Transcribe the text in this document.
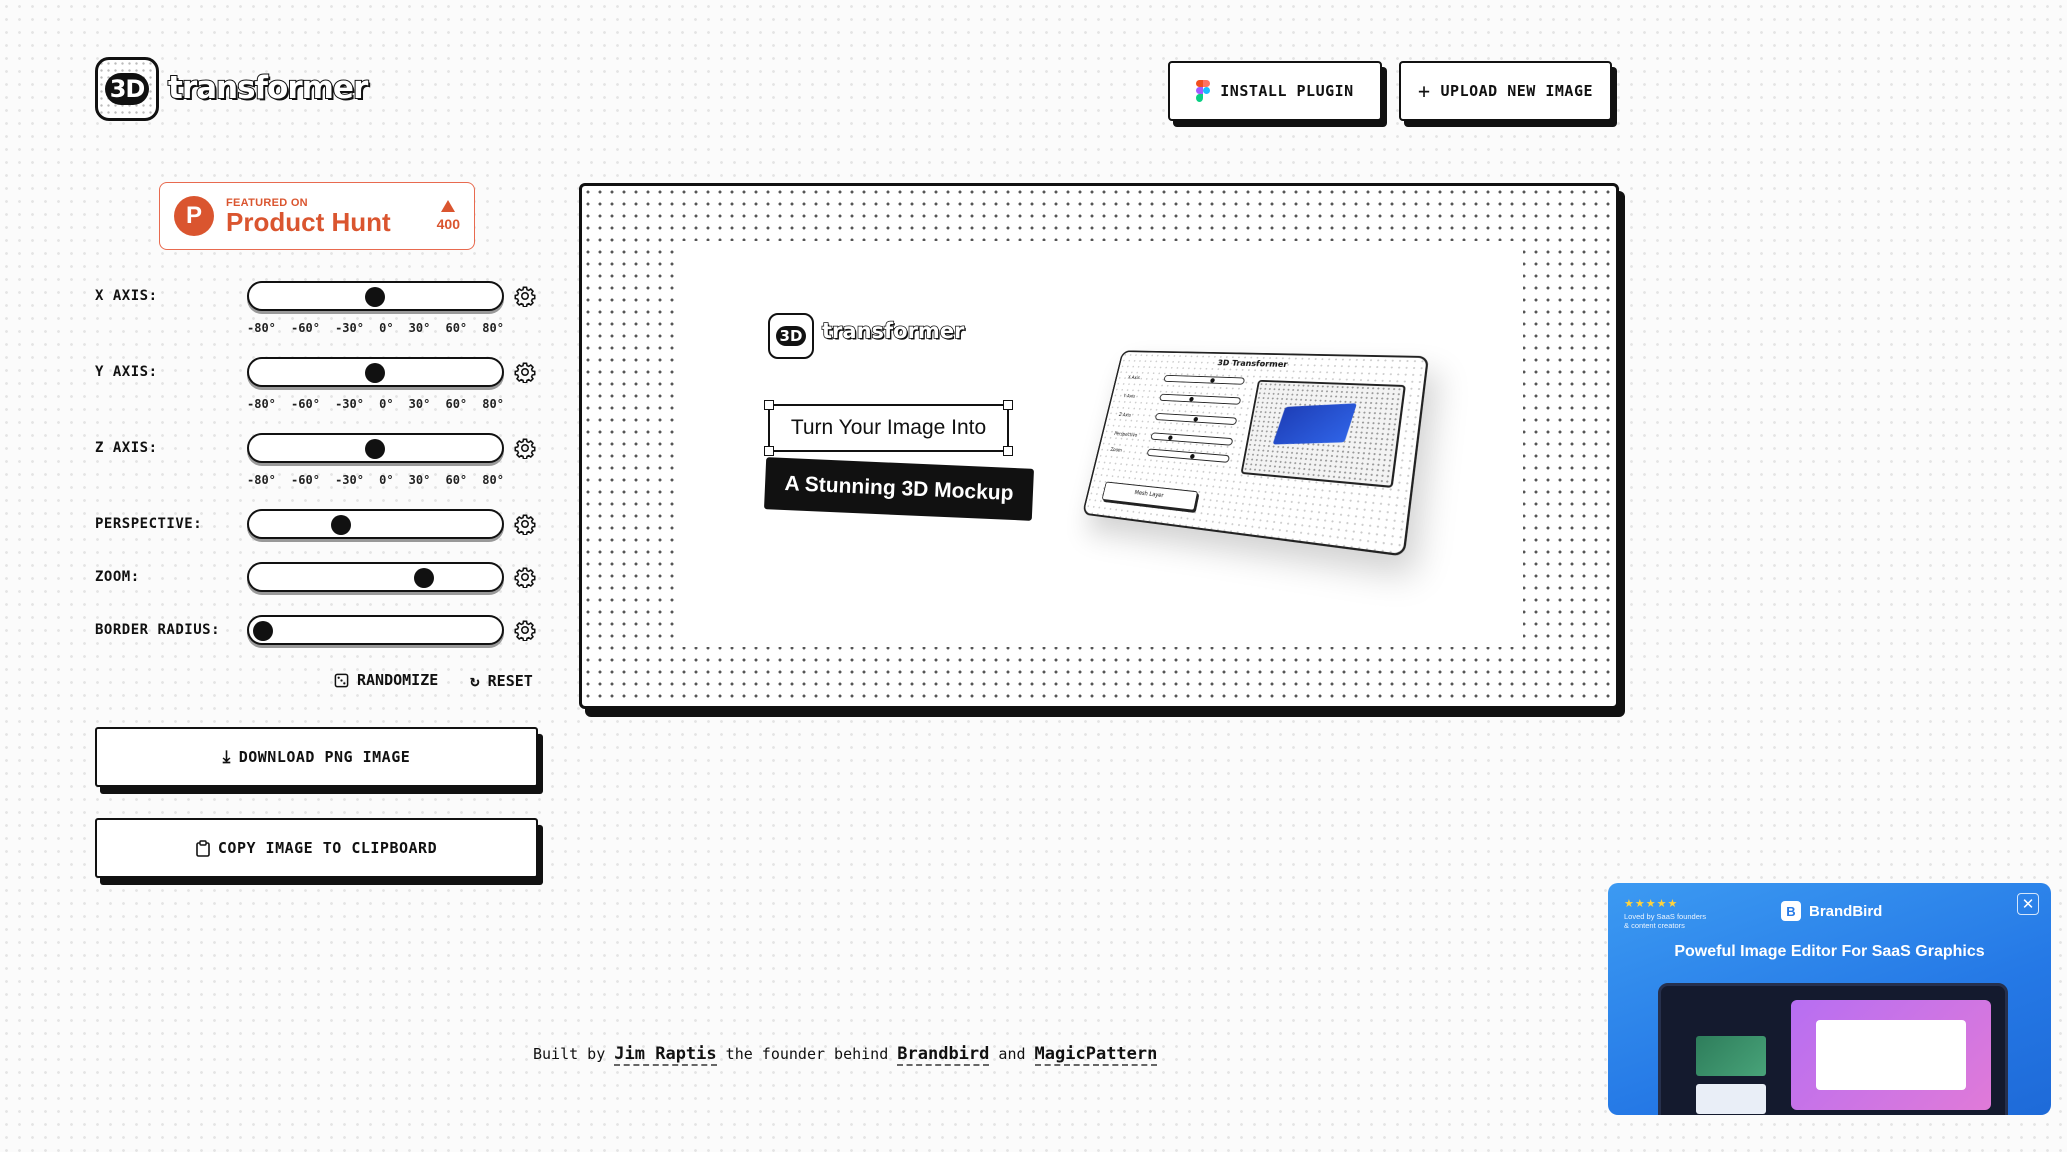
3D transformer	INSTALL PLUGIN	+ UPLOAD NEW IMAGE
P	FEATURED ON
Product Hunt	400
X AXIS:
-80° -60° -30° 0° 30° 60° 80°
Y AXIS:
-80° -60° -30° 0° 30° 60° 80°
Z AXIS:
-80° -60° -30° 0° 30° 60° 80°
PERSPECTIVE:
ZOOM:
BORDER RADIUS:
RANDOMIZE ↻ RESET
⤓ DOWNLOAD PNG IMAGE
COPY IMAGE TO CLIPBOARD
3D transformer
Turn Your Image Into
A Stunning 3D Mockup
3D Transformer
X Axis
Y Axis
Z Axis
Perspective
Zoom
Mesh Layer
Built by Jim Raptis the founder behind Brandbird and MagicPattern
★★★★★
Loved by SaaS founders
& content creators
B BrandBird	✕
Poweful Image Editor For SaaS Graphics
